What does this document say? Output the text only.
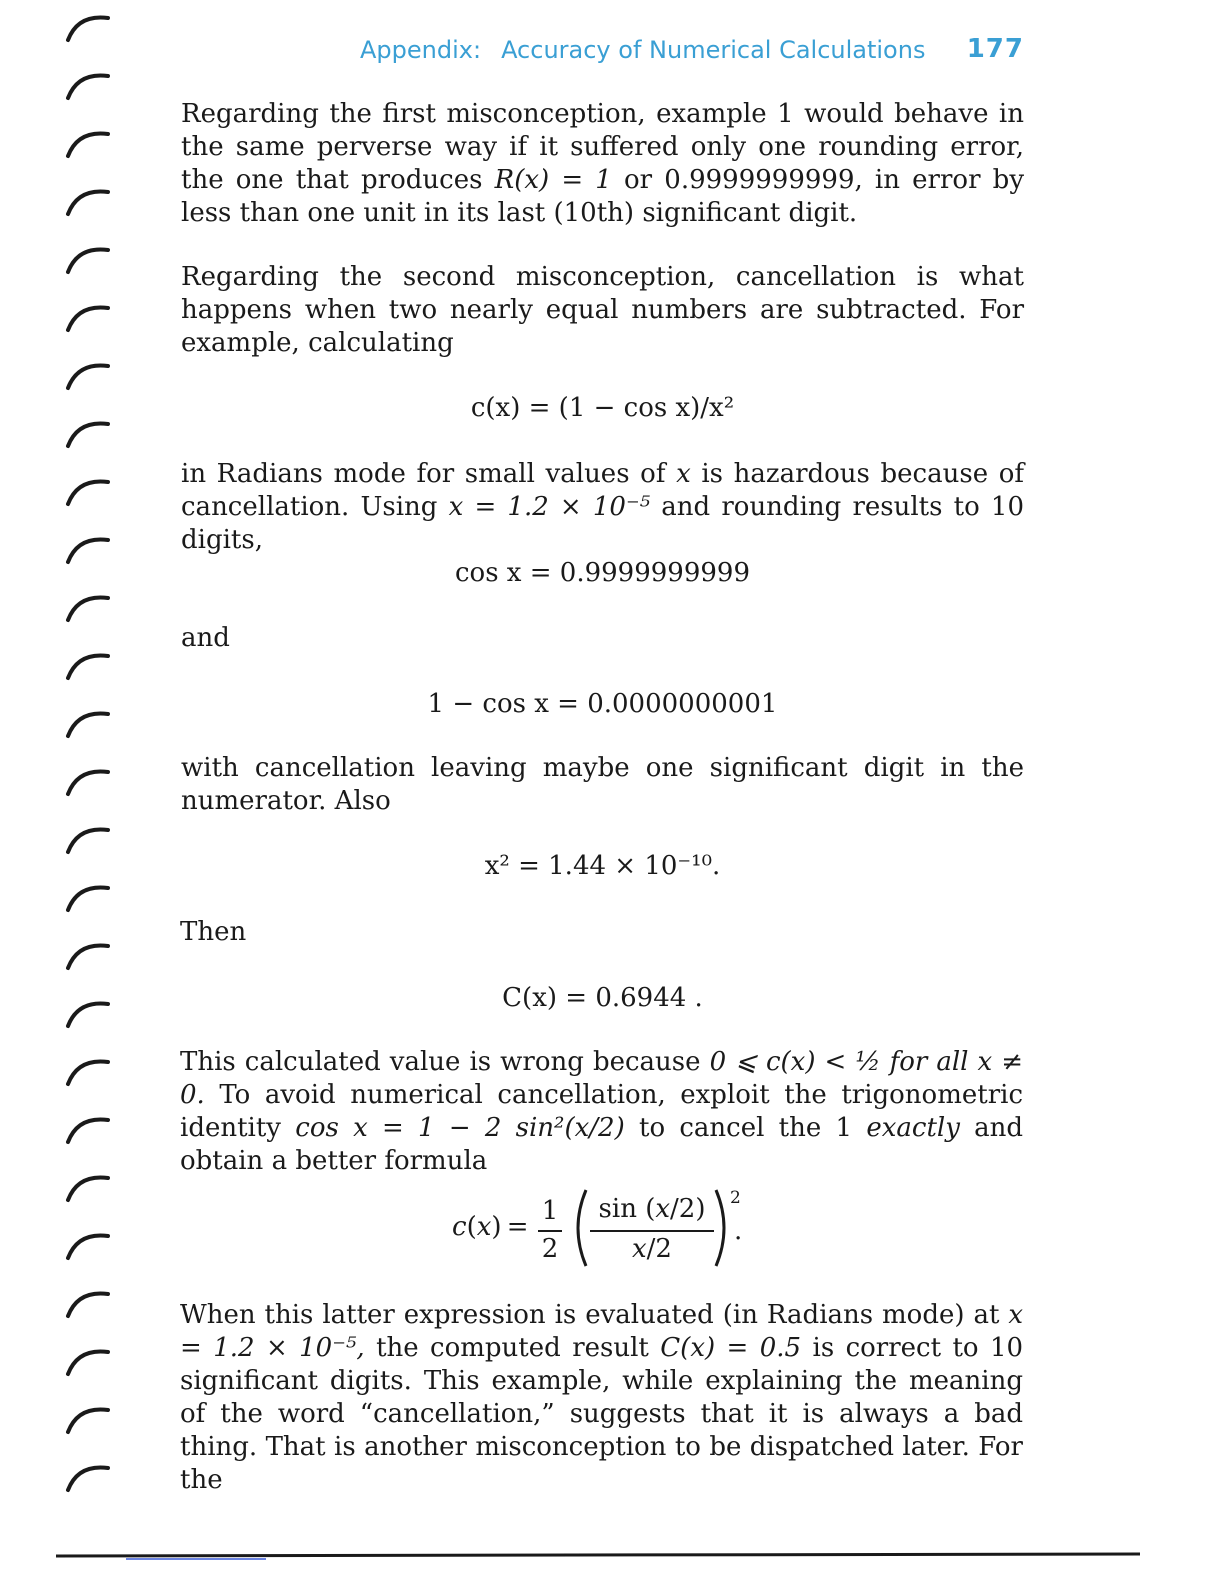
Appendix: Accuracy of Numerical Calculations 177

Regarding the first misconception, example 1 would behave in the same perverse way if it suffered only one rounding error, the one that produces R(x) = 1 or 0.9999999999, in error by less than one unit in its last (10th) significant digit.

Regarding the second misconception, cancellation is what happens when two nearly equal numbers are subtracted. For example, calculating

c(x) = (1 − cos x)/x²

in Radians mode for small values of x is hazardous because of cancellation. Using x = 1.2 × 10⁻⁵ and rounding results to 10 digits,

cos x = 0.9999999999
and
1 − cos x = 0.0000000001

with cancellation leaving maybe one significant digit in the numerator. Also

x² = 1.44 × 10⁻¹⁰.
Then
C(x) = 0.6944 .

This calculated value is wrong because 0 ⩽ c(x) < ½ for all x ≠ 0. To avoid numerical cancellation, exploit the trigonometric identity cos x = 1 − 2 sin²(x/2) to cancel the 1 exactly and obtain a better formula

c(x) =
1
2
sin (x/2)
x/2
2
.

When this latter expression is evaluated (in Radians mode) at x = 1.2 × 10⁻⁵, the computed result C(x) = 0.5 is correct to 10 significant digits. This example, while explaining the meaning of the word “cancellation,” suggests that it is always a bad thing. That is another misconception to be dispatched later. For the
